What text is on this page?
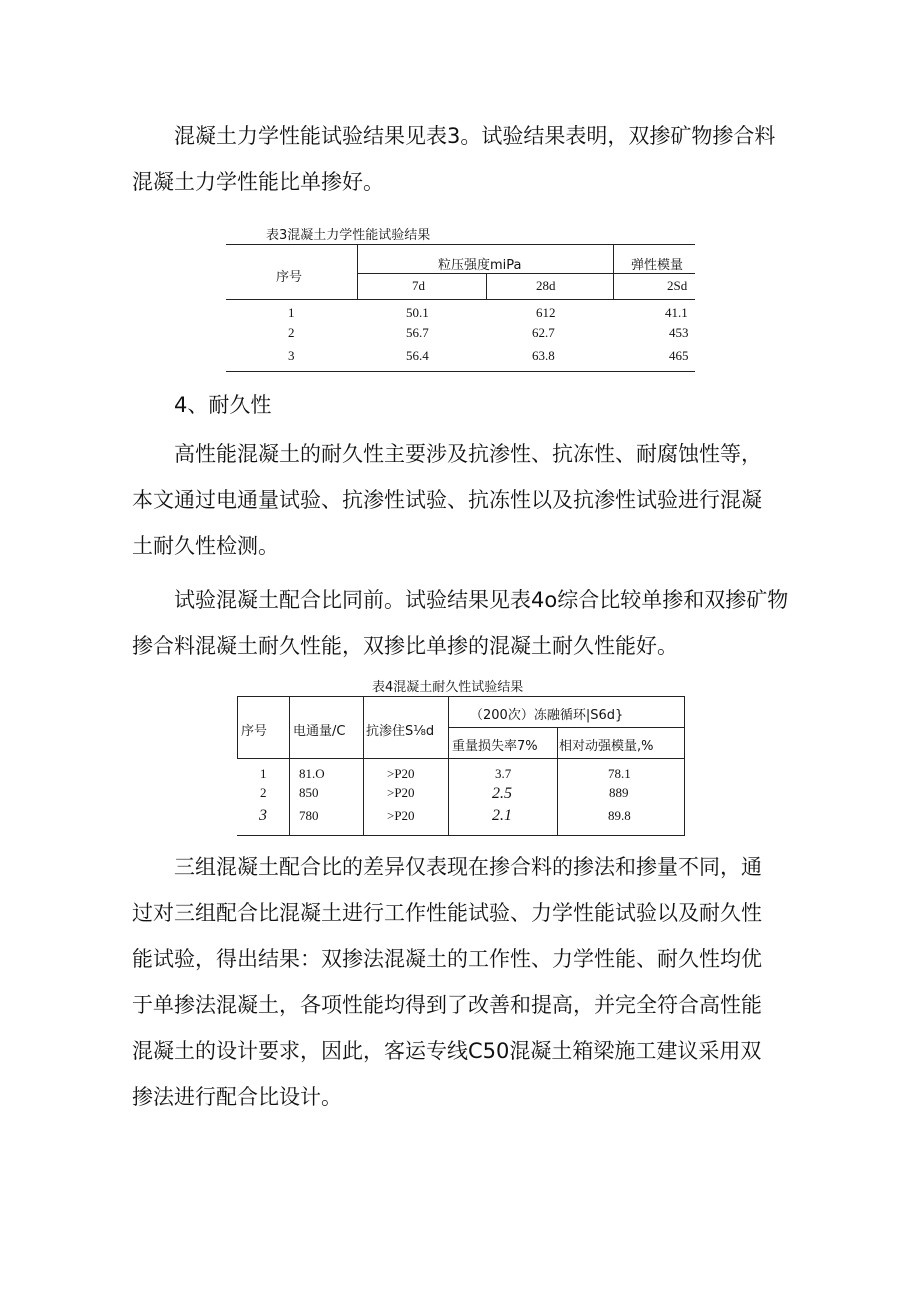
混凝土力学性能试验结果见表3。试验结果表明，双掺矿物掺合料
混凝土力学性能比单掺好。
表3混凝土力学性能试验结果
序号
粒压强度miPa	弹性模量
7d	28d	2Sd
1	50.1	612	41.1
2	56.7	62.7	453
3	56.4	63.8	465
4、耐久性
高性能混凝土的耐久性主要涉及抗渗性、抗冻性、耐腐蚀性等，
本文通过电通量试验、抗渗性试验、抗冻性以及抗渗性试验进行混凝
土耐久性检测。
试验混凝土配合比同前。试验结果见表4o综合比较单掺和双掺矿物
掺合料混凝土耐久性能，双掺比单掺的混凝土耐久性能好。
表4混凝土耐久性试验结果
序号 电通量/C 抗渗住S⅛d
（200次）冻融循环|S6d}
重量损失率7% 相对动强模量,%
1	81.O	>P20	3.7	78.1
2	850	>P20	2.5	889
3 780	>P20	2.1	89.8
三组混凝土配合比的差异仅表现在掺合料的掺法和掺量不同，通
过对三组配合比混凝土进行工作性能试验、力学性能试验以及耐久性
能试验，得出结果：双掺法混凝土的工作性、力学性能、耐久性均优
于单掺法混凝土，各项性能均得到了改善和提高，并完全符合高性能
混凝土的设计要求，因此，客运专线C50混凝土箱梁施工建议采用双
掺法进行配合比设计。
